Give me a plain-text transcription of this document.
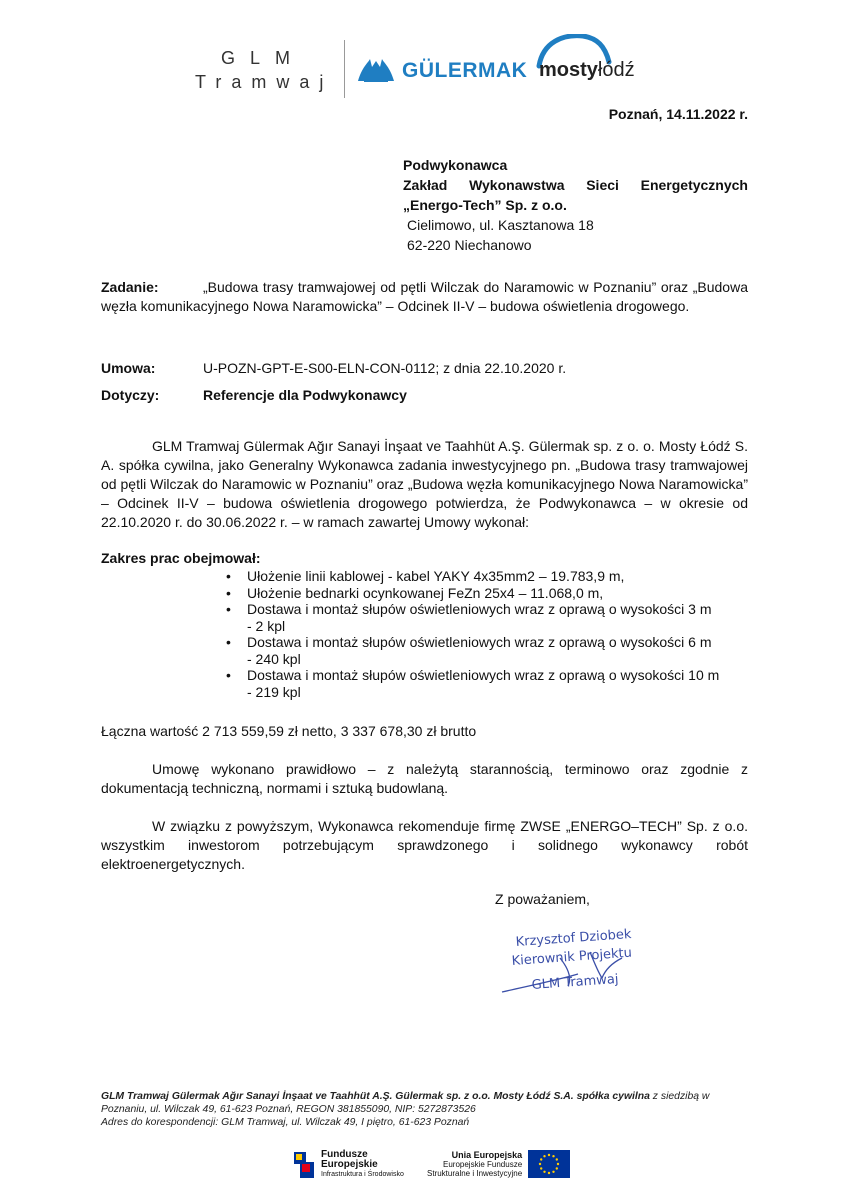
GLM
Tramwaj	GÜLERMAK mostyłódź
Poznań, 14.11.2022 r.
Podwykonawca
Zakład Wykonawstwa Sieci Energetycznych
„Energo-Tech” Sp. z o.o.
Cielimowo, ul. Kasztanowa 18
62-220 Niechanowo
Zadanie:	„Budowa trasy tramwajowej od pętli Wilczak do Naramowic w Poznaniu” oraz „Budowa węzła komunikacyjnego Nowa Naramowicka” – Odcinek II-V – budowa oświetlenia drogowego.
Umowa:	U-POZN-GPT-E-S00-ELN-CON-0112; z dnia 22.10.2020 r.
Dotyczy:	Referencje dla Podwykonawcy
GLM Tramwaj Gülermak Ağır Sanayi İnşaat ve Taahhüt A.Ş. Gülermak sp. z o. o. Mosty Łódź S. A. spółka cywilna, jako Generalny Wykonawca zadania inwestycyjnego pn. „Budowa trasy tramwajowej od pętli Wilczak do Naramowic w Poznaniu” oraz „Budowa węzła komunikacyjnego Nowa Naramowicka” – Odcinek II-V – budowa oświetlenia drogowego potwierdza, że Podwykonawca – w okresie od 22.10.2020 r. do 30.06.2022 r. – w ramach zawartej Umowy wykonał:
Zakres prac obejmował:
• Ułożenie linii kablowej - kabel YAKY 4x35mm2 – 19.783,9 m,
• Ułożenie bednarki ocynkowanej FeZn 25x4 – 11.068,0 m,
• Dostawa i montaż słupów oświetleniowych wraz z oprawą o wysokości 3 m
- 2 kpl
• Dostawa i montaż słupów oświetleniowych wraz z oprawą o wysokości 6 m
- 240 kpl
• Dostawa i montaż słupów oświetleniowych wraz z oprawą o wysokości 10 m
- 219 kpl
Łączna wartość 2 713 559,59 zł netto, 3 337 678,30 zł brutto
Umowę wykonano prawidłowo – z należytą starannością, terminowo oraz zgodnie z dokumentacją techniczną, normami i sztuką budowlaną.
W związku z powyższym, Wykonawca rekomenduje firmę ZWSE „ENERGO–TECH” Sp. z o.o. wszystkim inwestorom potrzebującym sprawdzonego i solidnego wykonawcy robót elektroenergetycznych.
Z poważaniem,
Krzysztof Dziobek
Kierownik Projektu
GLM Tramwaj
GLM Tramwaj Gülermak Ağır Sanayi İnşaat ve Taahhüt A.Ş. Gülermak sp. z o.o. Mosty Łódź S.A. spółka cywilna z siedzibą w Poznaniu, ul. Wilczak 49, 61-623 Poznań, REGON 381855090, NIP: 5272873526
Adres do korespondencji: GLM Tramwaj, ul. Wilczak 49, I piętro, 61-623 Poznań
Fundusze
Europejskie
Infrastruktura i Środowisko
Unia Europejska
Europejskie Fundusze
Strukturalne i Inwestycyjne
